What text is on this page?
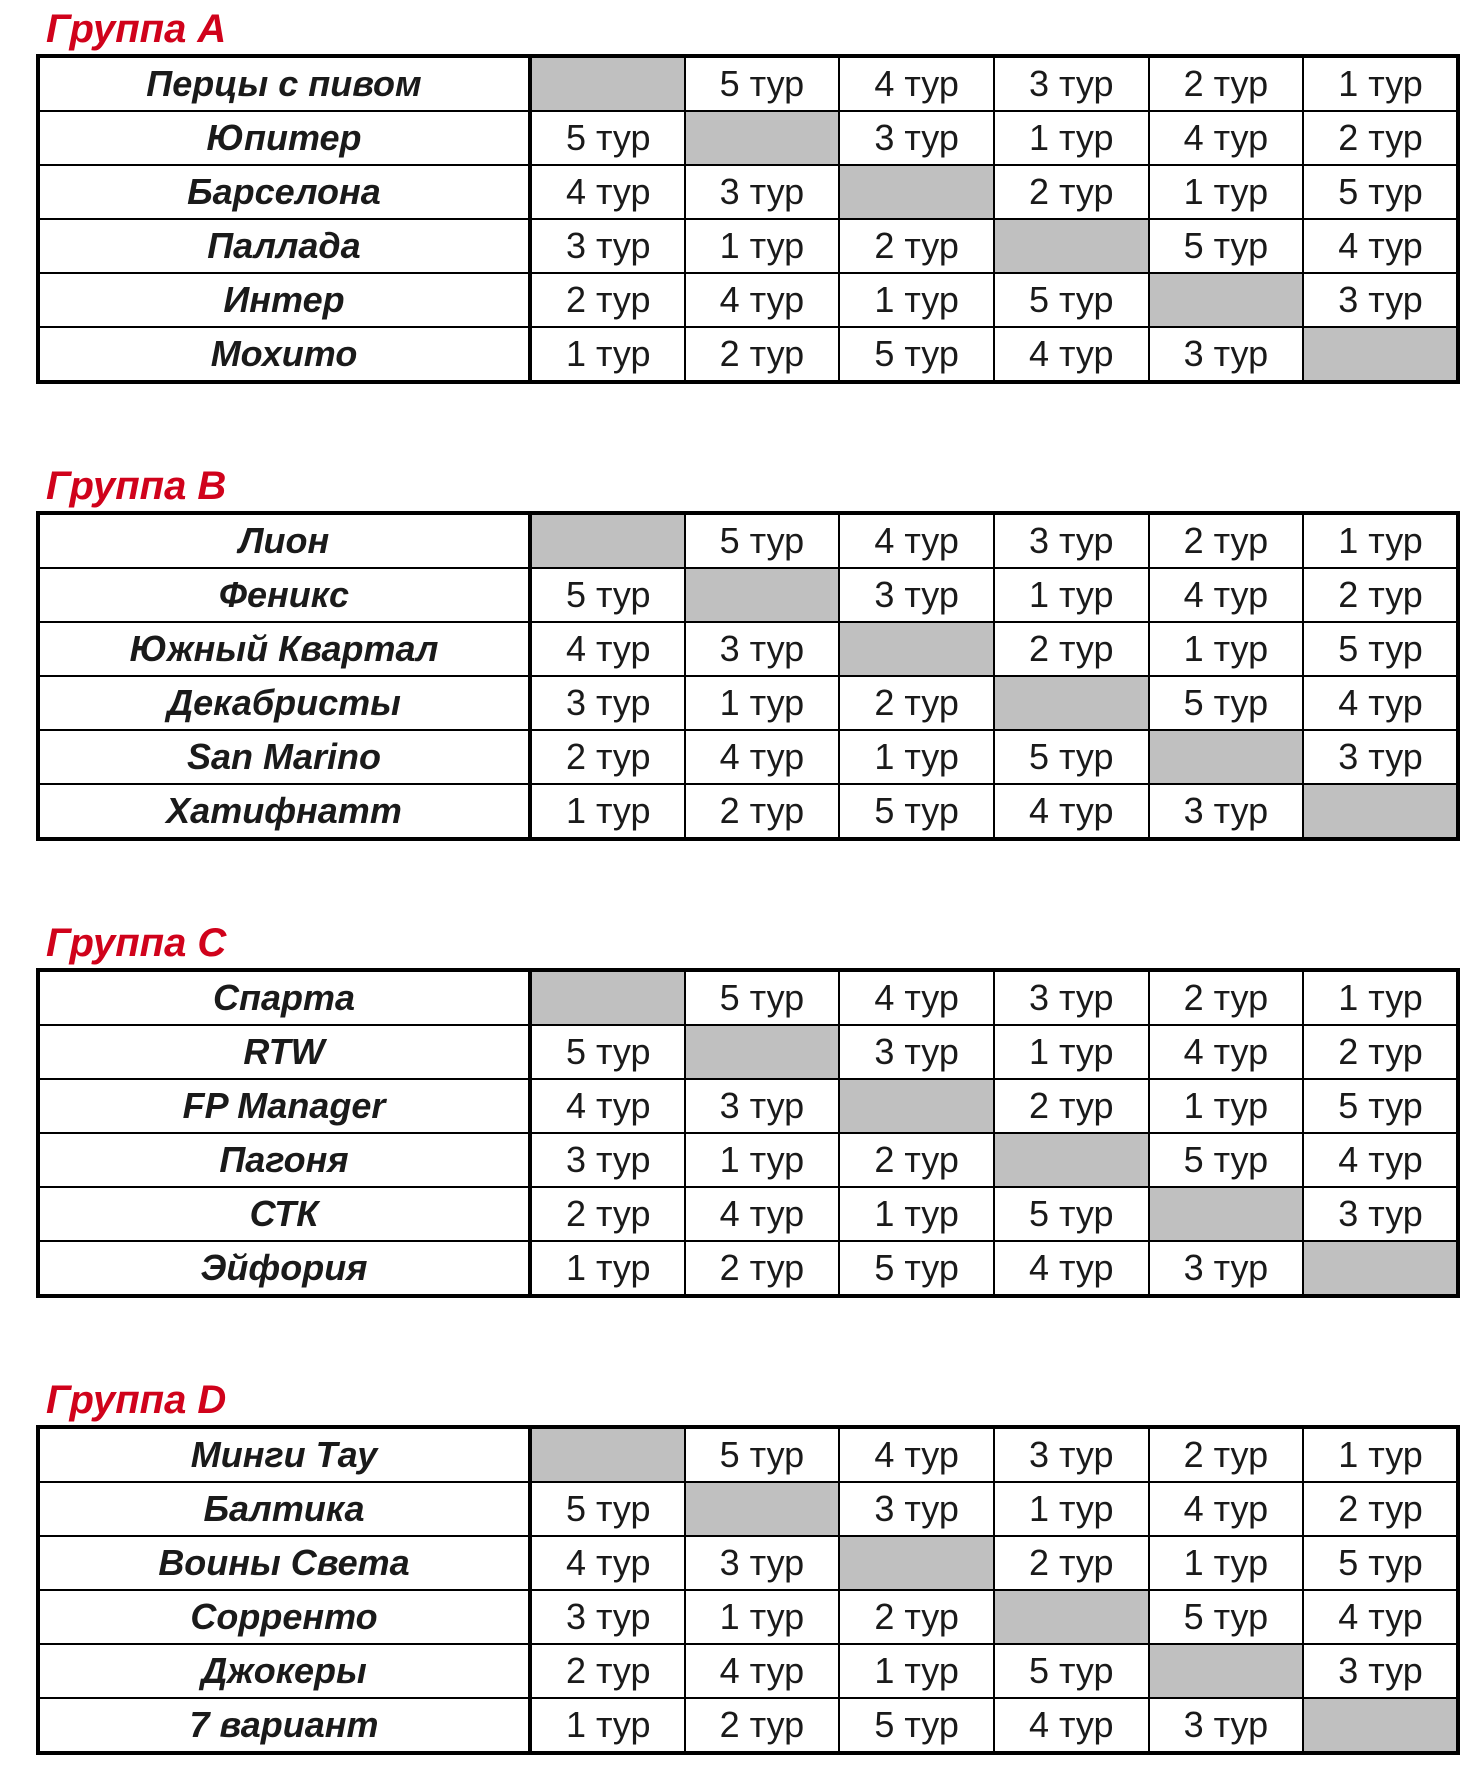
Группа A
Перцы с пивом		5 тур	4 тур	3 тур	2 тур	1 тур
Юпитер	5 тур		3 тур	1 тур	4 тур	2 тур
Барселона	4 тур	3 тур		2 тур	1 тур	5 тур
Паллада	3 тур	1 тур	2 тур		5 тур	4 тур
Интер	2 тур	4 тур	1 тур	5 тур		3 тур
Мохито	1 тур	2 тур	5 тур	4 тур	3 тур	
Группа B
Лион		5 тур	4 тур	3 тур	2 тур	1 тур
Феникс	5 тур		3 тур	1 тур	4 тур	2 тур
Южный Квартал	4 тур	3 тур		2 тур	1 тур	5 тур
Декабристы	3 тур	1 тур	2 тур		5 тур	4 тур
San Marino	2 тур	4 тур	1 тур	5 тур		3 тур
Хатифнатт	1 тур	2 тур	5 тур	4 тур	3 тур	
Группа C
Спарта		5 тур	4 тур	3 тур	2 тур	1 тур
RTW	5 тур		3 тур	1 тур	4 тур	2 тур
FP Manager	4 тур	3 тур		2 тур	1 тур	5 тур
Пагоня	3 тур	1 тур	2 тур		5 тур	4 тур
СТК	2 тур	4 тур	1 тур	5 тур		3 тур
Эйфория	1 тур	2 тур	5 тур	4 тур	3 тур	
Группа D
Минги Тау		5 тур	4 тур	3 тур	2 тур	1 тур
Балтика	5 тур		3 тур	1 тур	4 тур	2 тур
Воины Света	4 тур	3 тур		2 тур	1 тур	5 тур
Сорренто	3 тур	1 тур	2 тур		5 тур	4 тур
Джокеры	2 тур	4 тур	1 тур	5 тур		3 тур
7 вариант	1 тур	2 тур	5 тур	4 тур	3 тур	
